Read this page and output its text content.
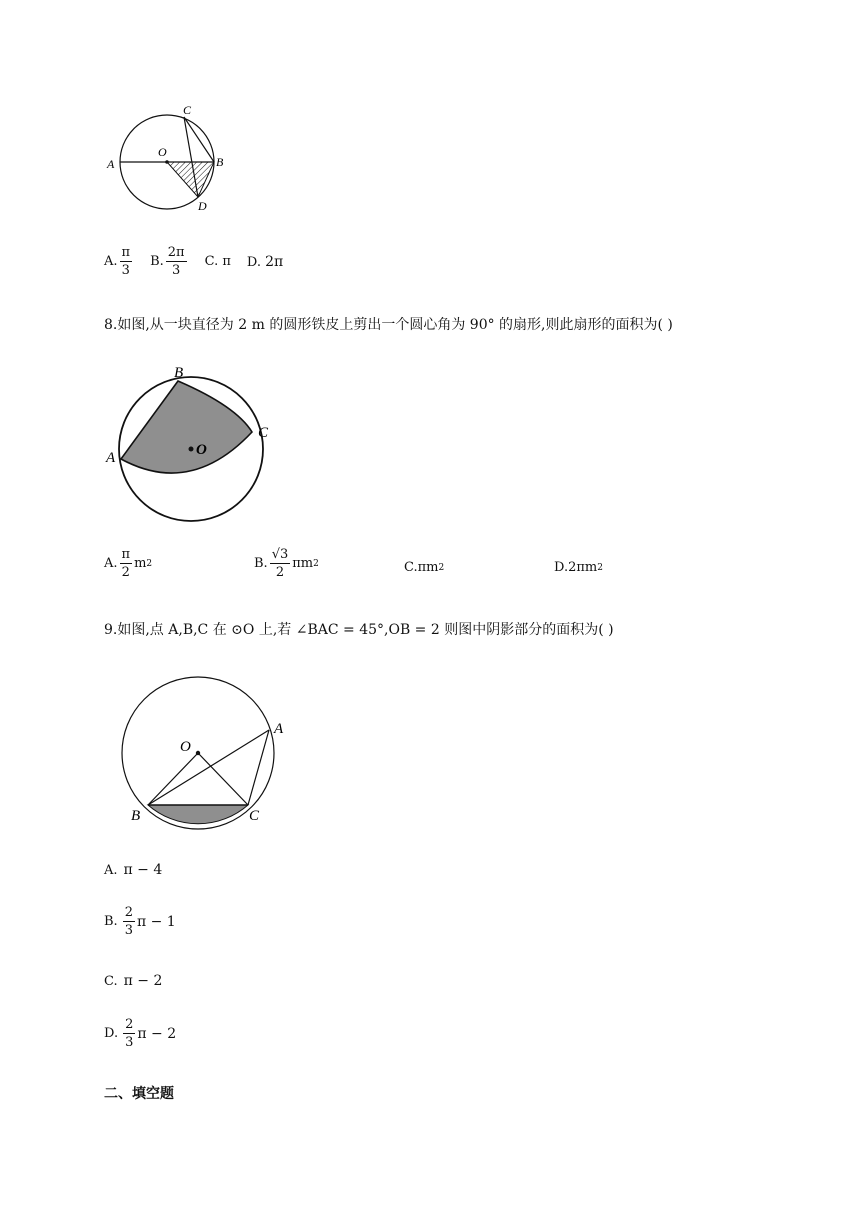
A	B
C
D
O
A. $\frac{\pi}{3} B$. $\frac{2\pi}{3} C$. π D. 2π
8.如图,从一块直径为 2 m 的圆形铁皮上剪出一个圆心角为 90° 的扇形,则此扇形的面积为( )
O
A
B
C
A. $\frac{\pi}{2}$ m 2	B. $\frac{√3}{2}$ πm 2	C. πm 2	D. 2πm 2
9.如图,点 A,B,C 在 ⊙O 上,若 ∠BAC = 45°,OB = 2 则图中阴影部分的面积为( )
O
A
B	C
A. π − 4
B. $\frac{2}{3}$ π − 1
C. π − 2
D. $\frac{2}{3}$ π − 2
二、填空题
